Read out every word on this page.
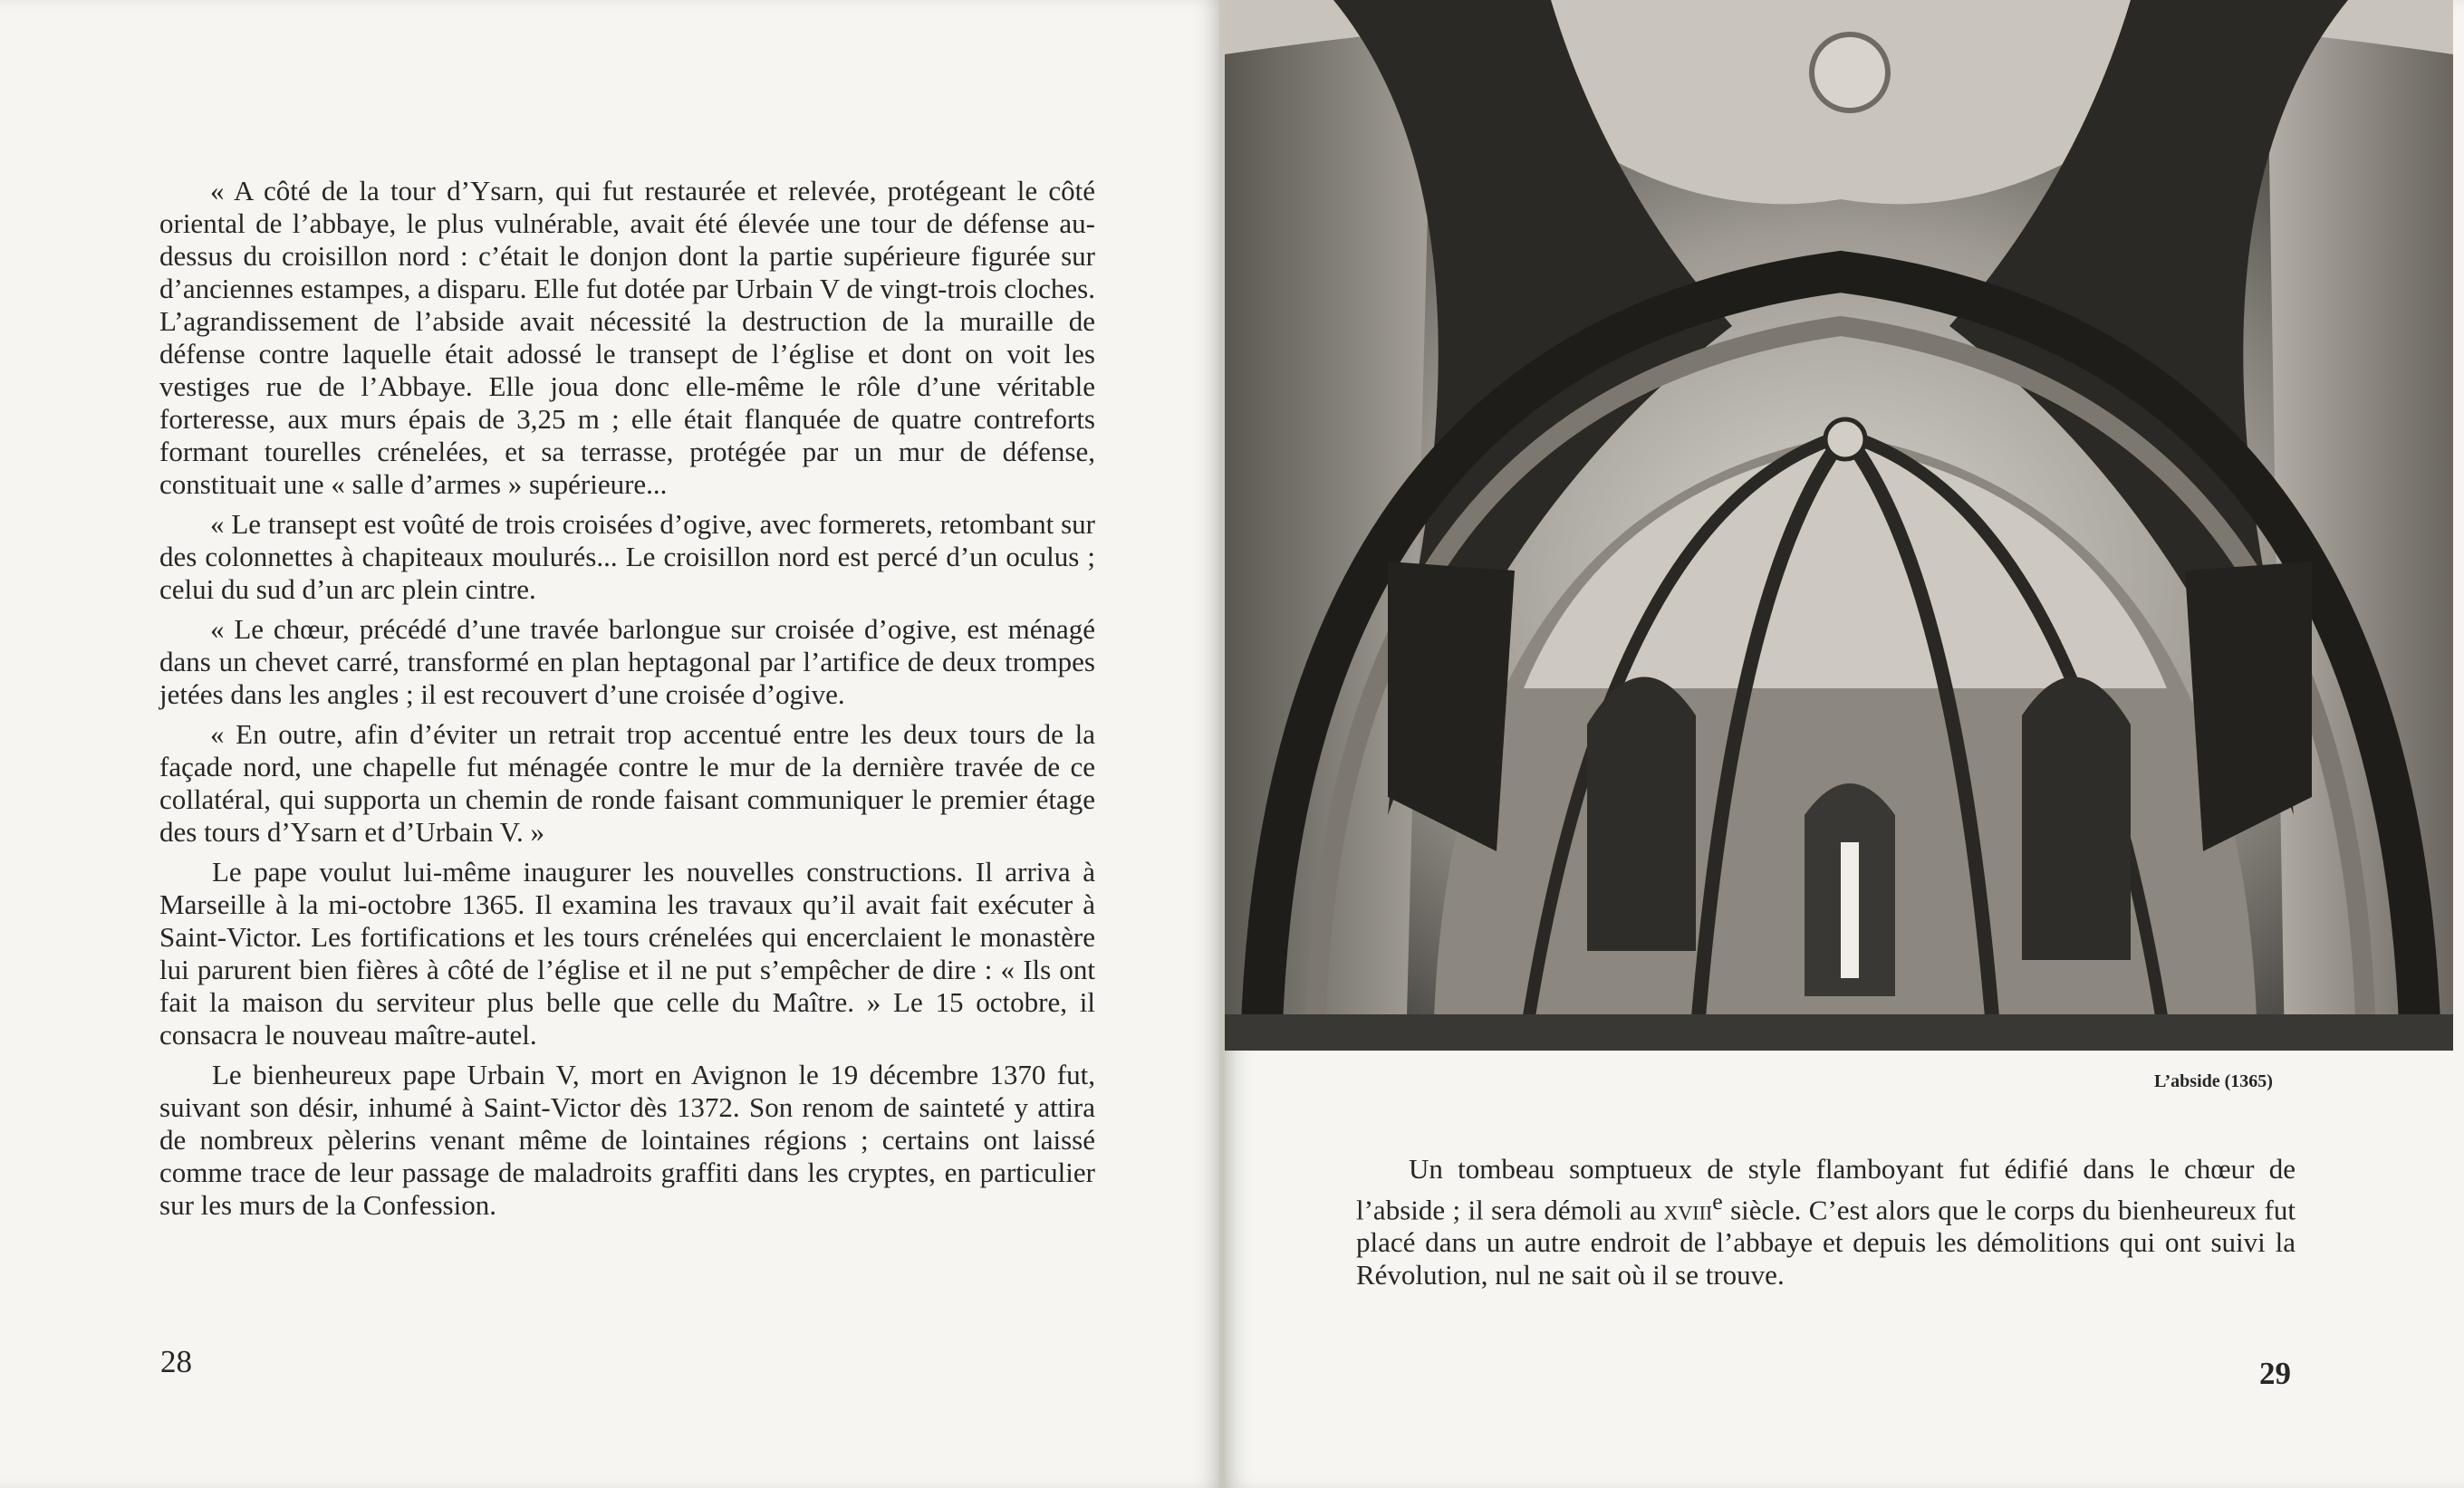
« A côté de la tour d’Ysarn, qui fut restaurée et relevée, protégeant le côté oriental de l’abbaye, le plus vulnérable, avait été élevée une tour de défense au-dessus du croisillon nord : c’était le donjon dont la partie supérieure figurée sur d’anciennes estampes, a disparu. Elle fut dotée par Urbain V de vingt-trois cloches. L’agrandissement de l’abside avait nécessité la destruction de la muraille de défense contre laquelle était adossé le transept de l’église et dont on voit les vestiges rue de l’Abbaye. Elle joua donc elle-même le rôle d’une véritable forteresse, aux murs épais de 3,25 m ; elle était flanquée de quatre contreforts formant tourelles crénelées, et sa terrasse, protégée par un mur de défense, constituait une « salle d’armes » supérieure...

« Le transept est voûté de trois croisées d’ogive, avec formerets, retombant sur des colonnettes à chapiteaux moulurés... Le croisillon nord est percé d’un oculus ; celui du sud d’un arc plein cintre.

« Le chœur, précédé d’une travée barlongue sur croisée d’ogive, est ménagé dans un chevet carré, transformé en plan heptagonal par l’artifice de deux trompes jetées dans les angles ; il est recouvert d’une croisée d’ogive.

« En outre, afin d’éviter un retrait trop accentué entre les deux tours de la façade nord, une chapelle fut ménagée contre le mur de la dernière travée de ce collatéral, qui supporta un chemin de ronde faisant communiquer le premier étage des tours d’Ysarn et d’Urbain V. »

Le pape voulut lui-même inaugurer les nouvelles constructions. Il arriva à Marseille à la mi-octobre 1365. Il examina les travaux qu’il avait fait exécuter à Saint-Victor. Les fortifications et les tours crénelées qui encerclaient le monastère lui parurent bien fières à côté de l’église et il ne put s’empêcher de dire : « Ils ont fait la maison du serviteur plus belle que celle du Maître. » Le 15 octobre, il consacra le nouveau maître-autel.

Le bienheureux pape Urbain V, mort en Avignon le 19 décembre 1370 fut, suivant son désir, inhumé à Saint-Victor dès 1372. Son renom de sainteté y attira de nombreux pèlerins venant même de lointaines régions ; certains ont laissé comme trace de leur passage de maladroits graffiti dans les cryptes, en particulier sur les murs de la Confession.

28
L’abside (1365)

Un tombeau somptueux de style flamboyant fut édifié dans le chœur de l’abside ; il sera démoli au xviii$^e$ siècle. C’est alors que le corps du bienheureux fut placé dans un autre endroit de l’abbaye et depuis les démolitions qui ont suivi la Révolution, nul ne sait où il se trouve.

29
